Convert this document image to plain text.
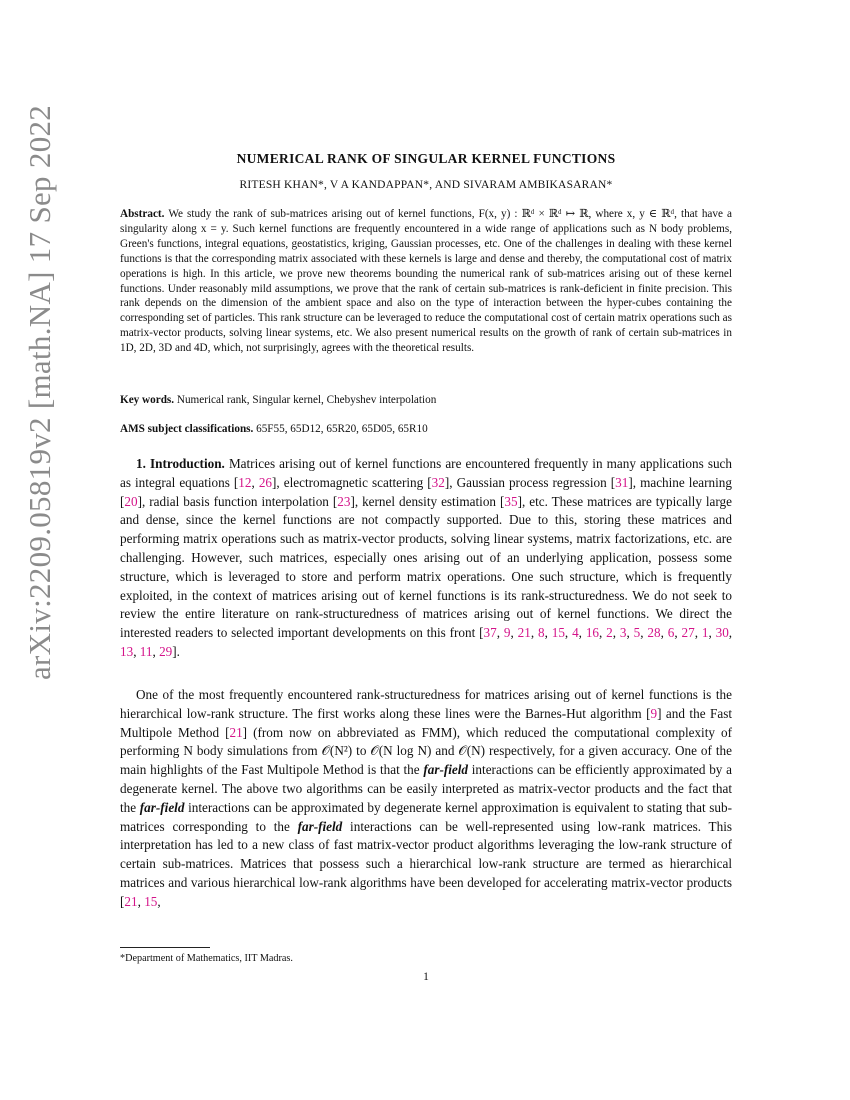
arXiv:2209.05819v2 [math.NA] 17 Sep 2022	NUMERICAL RANK OF SINGULAR KERNEL FUNCTIONS

RITESH KHAN*, V A KANDAPPAN*, AND SIVARAM AMBIKASARAN*

Abstract. We study the rank of sub-matrices arising out of kernel functions, F(x, y) : ℝᵈ × ℝᵈ ↦ ℝ, where x, y ∈ ℝᵈ, that have a singularity along x = y. Such kernel functions are frequently encountered in a wide range of applications such as N body problems, Green's functions, integral equations, geostatistics, kriging, Gaussian processes, etc. One of the challenges in dealing with these kernel functions is that the corresponding matrix associated with these kernels is large and dense and thereby, the computational cost of matrix operations is high. In this article, we prove new theorems bounding the numerical rank of sub-matrices arising out of these kernel functions. Under reasonably mild assumptions, we prove that the rank of certain sub-matrices is rank-deficient in finite precision. This rank depends on the dimension of the ambient space and also on the type of interaction between the hyper-cubes containing the corresponding set of particles. This rank structure can be leveraged to reduce the computational cost of certain matrix operations such as matrix-vector products, solving linear systems, etc. We also present numerical results on the growth of rank of certain sub-matrices in 1D, 2D, 3D and 4D, which, not surprisingly, agrees with the theoretical results.

Key words. Numerical rank, Singular kernel, Chebyshev interpolation

AMS subject classifications. 65F55, 65D12, 65R20, 65D05, 65R10

1. Introduction. Matrices arising out of kernel functions are encountered frequently in many applications such as integral equations [12, 26], electromagnetic scattering [32], Gaussian process regression [31], machine learning [20], radial basis function interpolation [23], kernel density estimation [35], etc. These matrices are typically large and dense, since the kernel functions are not compactly supported. Due to this, storing these matrices and performing matrix operations such as matrix-vector products, solving linear systems, matrix factorizations, etc. are challenging. However, such matrices, especially ones arising out of an underlying application, possess some structure, which is leveraged to store and perform matrix operations. One such structure, which is frequently exploited, in the context of matrices arising out of kernel functions is its rank-structuredness. We do not seek to review the entire literature on rank-structuredness of matrices arising out of kernel functions. We direct the interested readers to selected important developments on this front [37, 9, 21, 8, 15, 4, 16, 2, 3, 5, 28, 6, 27, 1, 30, 13, 11, 29].

One of the most frequently encountered rank-structuredness for matrices arising out of kernel functions is the hierarchical low-rank structure. The first works along these lines were the Barnes-Hut algorithm [9] and the Fast Multipole Method [21] (from now on abbreviated as FMM), which reduced the computational complexity of performing N body simulations from 𝒪(N²) to 𝒪(N log N) and 𝒪(N) respectively, for a given accuracy. One of the main highlights of the Fast Multipole Method is that the far-field interactions can be efficiently approximated by a degenerate kernel. The above two algorithms can be easily interpreted as matrix-vector products and the fact that the far-field interactions can be approximated by degenerate kernel approximation is equivalent to stating that sub-matrices corresponding to the far-field interactions can be well-represented using low-rank matrices. This interpretation has led to a new class of fast matrix-vector product algorithms leveraging the low-rank structure of certain sub-matrices. Matrices that possess such a hierarchical low-rank structure are termed as hierarchical matrices and various hierarchical low-rank algorithms have been developed for accelerating matrix-vector products [21, 15,

*Department of Mathematics, IIT Madras.

1
